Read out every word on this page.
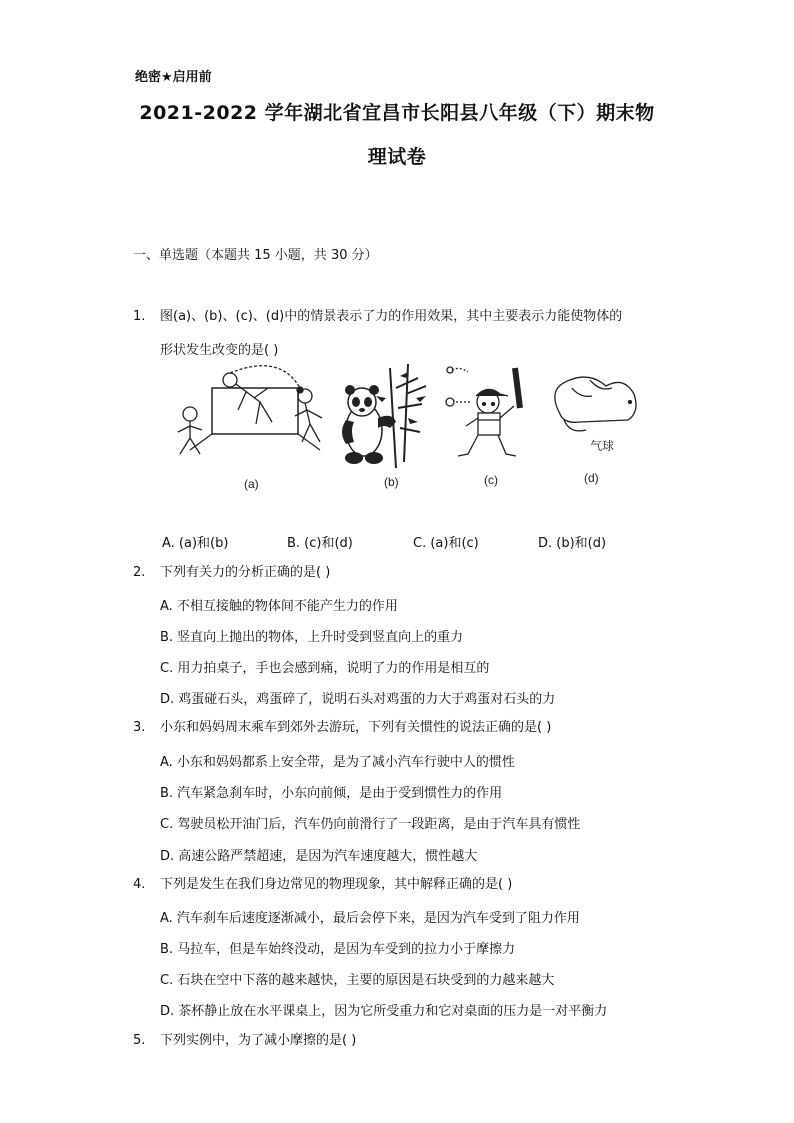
绝密★启用前
2021-2022 学年湖北省宜昌市长阳县八年级（下）期末物
理试卷
一、单选题（本题共 15 小题，共 30 分）
1. 图(a)、(b)、(c)、(d)中的情景表示了力的作用效果，其中主要表示力能使物体的
形状发生改变的是( )
气球
(a)	(b)	(c)	(d)
A. (a)和(b)	B. (c)和(d)	C. (a)和(c)	D. (b)和(d)
2. 下列有关力的分析正确的是( )
A. 不相互接触的物体间不能产生力的作用
B. 竖直向上抛出的物体，上升时受到竖直向上的重力
C. 用力拍桌子，手也会感到痛，说明了力的作用是相互的
D. 鸡蛋碰石头，鸡蛋碎了，说明石头对鸡蛋的力大于鸡蛋对石头的力
3. 小东和妈妈周末乘车到郊外去游玩，下列有关惯性的说法正确的是( )
A. 小东和妈妈都系上安全带，是为了减小汽车行驶中人的惯性
B. 汽车紧急刹车时，小东向前倾，是由于受到惯性力的作用
C. 驾驶员松开油门后，汽车仍向前滑行了一段距离，是由于汽车具有惯性
D. 高速公路严禁超速，是因为汽车速度越大，惯性越大
4. 下列是发生在我们身边常见的物理现象，其中解释正确的是( )
A. 汽车刹车后速度逐渐减小，最后会停下来，是因为汽车受到了阻力作用
B. 马拉车，但是车始终没动，是因为车受到的拉力小于摩擦力
C. 石块在空中下落的越来越快，主要的原因是石块受到的力越来越大
D. 茶杯静止放在水平课桌上，因为它所受重力和它对桌面的压力是一对平衡力
5. 下列实例中，为了减小摩擦的是( )
